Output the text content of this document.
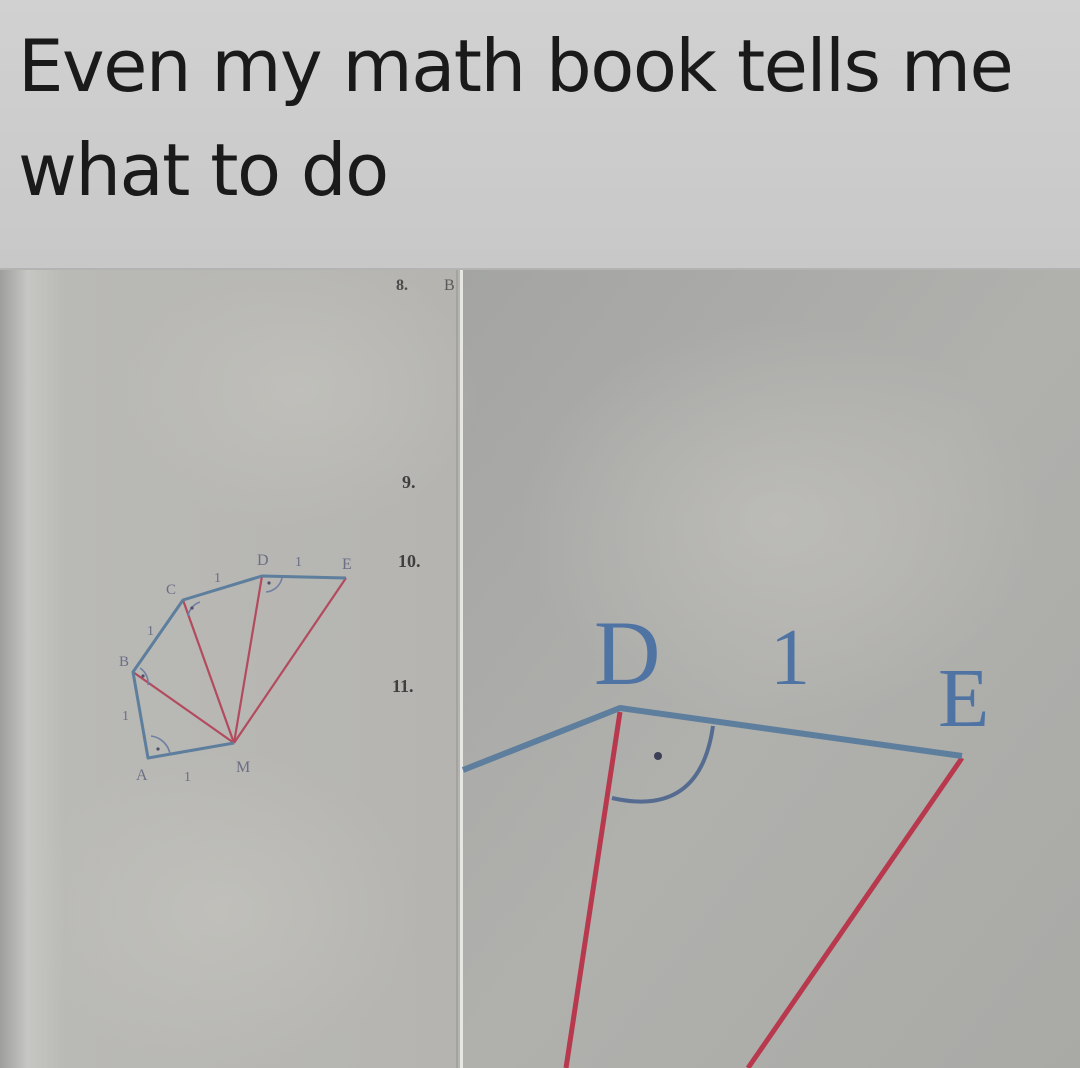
Even my math book tells me what to do

8. B
9.
10.
11.
A	M
B
C
D	E
1
1
1
1
1
D 1 E
